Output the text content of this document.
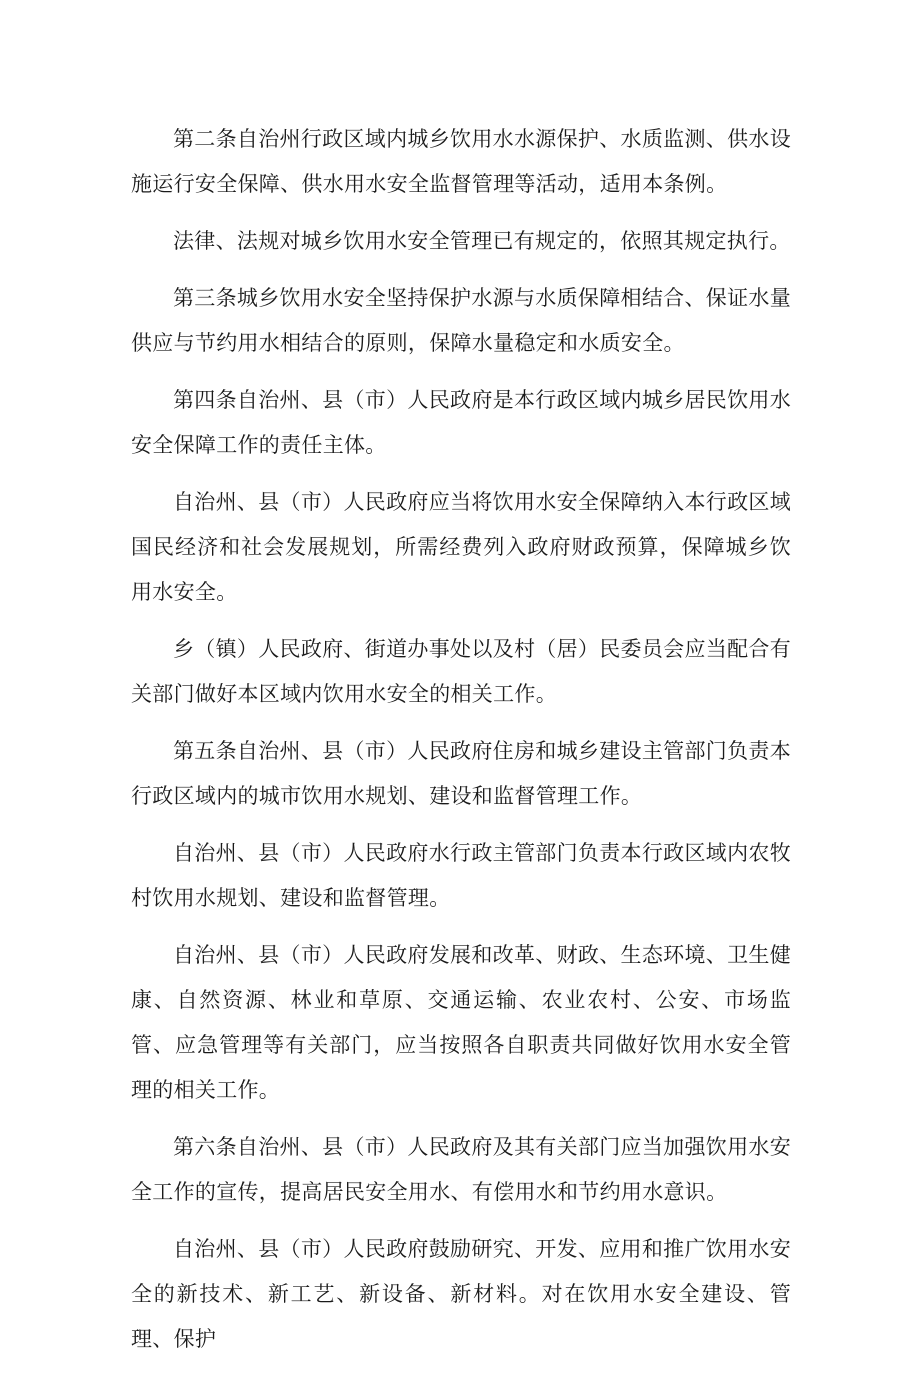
第二条自治州行政区域内城乡饮用水水源保护、水质监测、供水设施运行安全保障、供水用水安全监督管理等活动，适用本条例。

法律、法规对城乡饮用水安全管理已有规定的，依照其规定执行。

第三条城乡饮用水安全坚持保护水源与水质保障相结合、保证水量供应与节约用水相结合的原则，保障水量稳定和水质安全。

第四条自治州、县（市）人民政府是本行政区域内城乡居民饮用水安全保障工作的责任主体。

自治州、县（市）人民政府应当将饮用水安全保障纳入本行政区域国民经济和社会发展规划，所需经费列入政府财政预算，保障城乡饮用水安全。

乡（镇）人民政府、街道办事处以及村（居）民委员会应当配合有关部门做好本区域内饮用水安全的相关工作。

第五条自治州、县（市）人民政府住房和城乡建设主管部门负责本行政区域内的城市饮用水规划、建设和监督管理工作。

自治州、县（市）人民政府水行政主管部门负责本行政区域内农牧村饮用水规划、建设和监督管理。

自治州、县（市）人民政府发展和改革、财政、生态环境、卫生健康、自然资源、林业和草原、交通运输、农业农村、公安、市场监管、应急管理等有关部门，应当按照各自职责共同做好饮用水安全管理的相关工作。

第六条自治州、县（市）人民政府及其有关部门应当加强饮用水安全工作的宣传，提高居民安全用水、有偿用水和节约用水意识。

自治州、县（市）人民政府鼓励研究、开发、应用和推广饮用水安全的新技术、新工艺、新设备、新材料。对在饮用水安全建设、管理、保护
